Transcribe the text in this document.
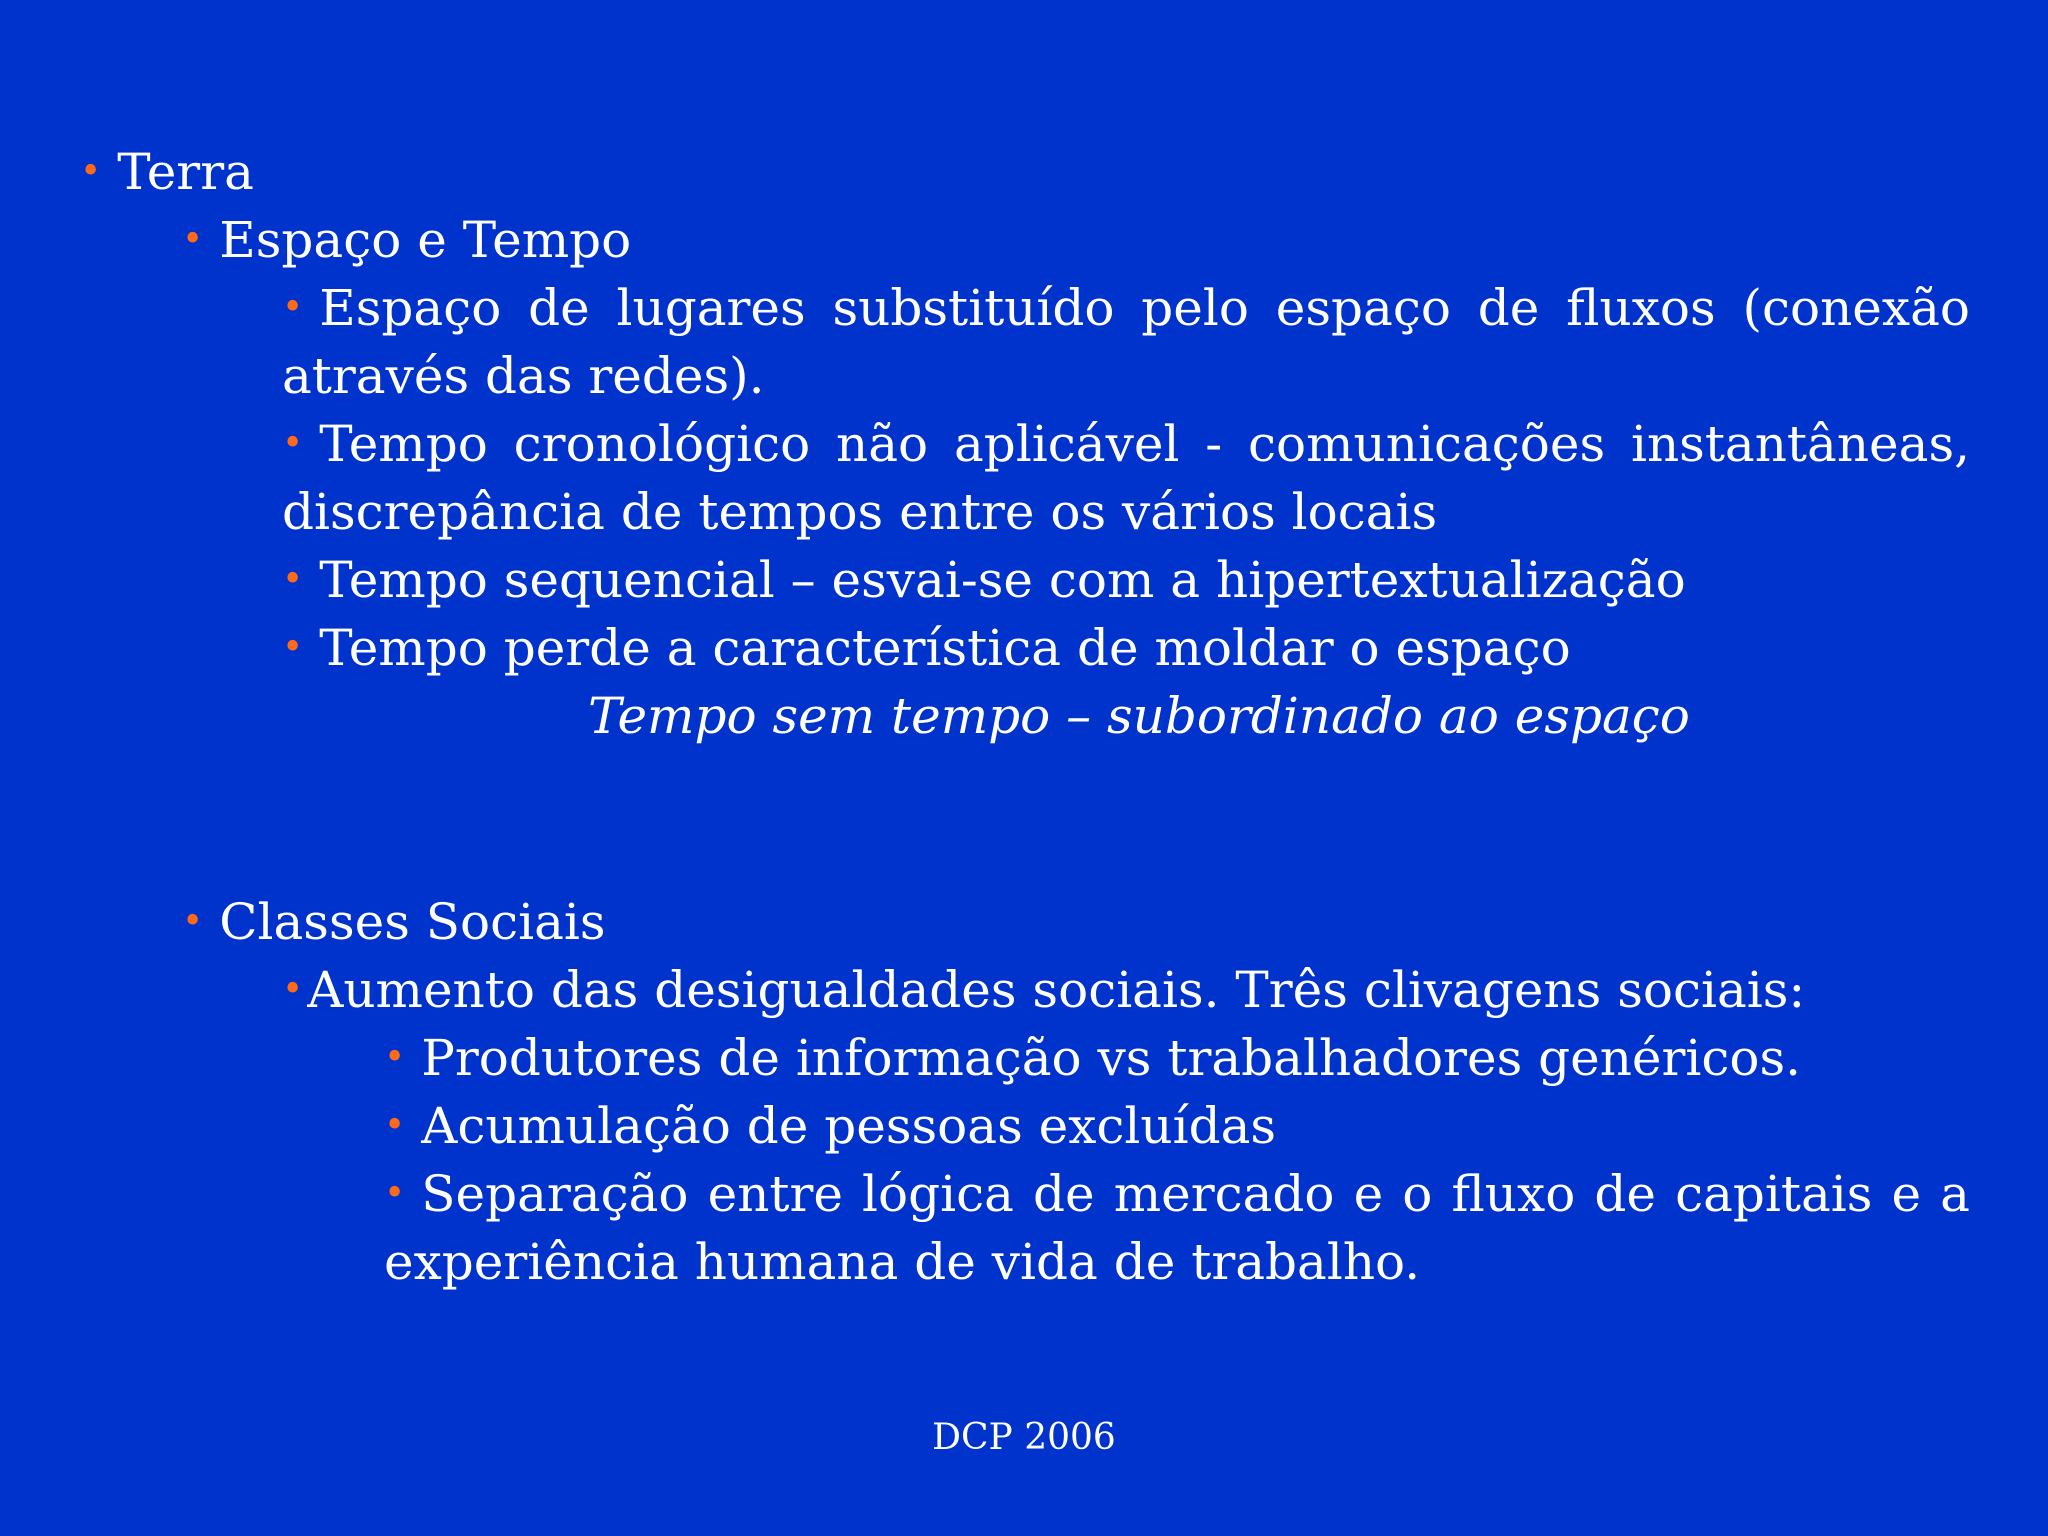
• Terra
• Espaço e Tempo
• Espaço de lugares substituído pelo espaço de fluxos (conexão através das redes).
• Tempo cronológico não aplicável - comunicações instantâneas, discrepância de tempos entre os vários locais
• Tempo sequencial – esvai-se com a hipertextualização
• Tempo perde a característica de moldar o espaço
Tempo sem tempo – subordinado ao espaço
• Classes Sociais
•Aumento das desigualdades sociais. Três clivagens sociais:
• Produtores de informação vs trabalhadores genéricos.
• Acumulação de pessoas excluídas
• Separação entre lógica de mercado e o fluxo de capitais e a experiência humana de vida de trabalho.
DCP 2006
